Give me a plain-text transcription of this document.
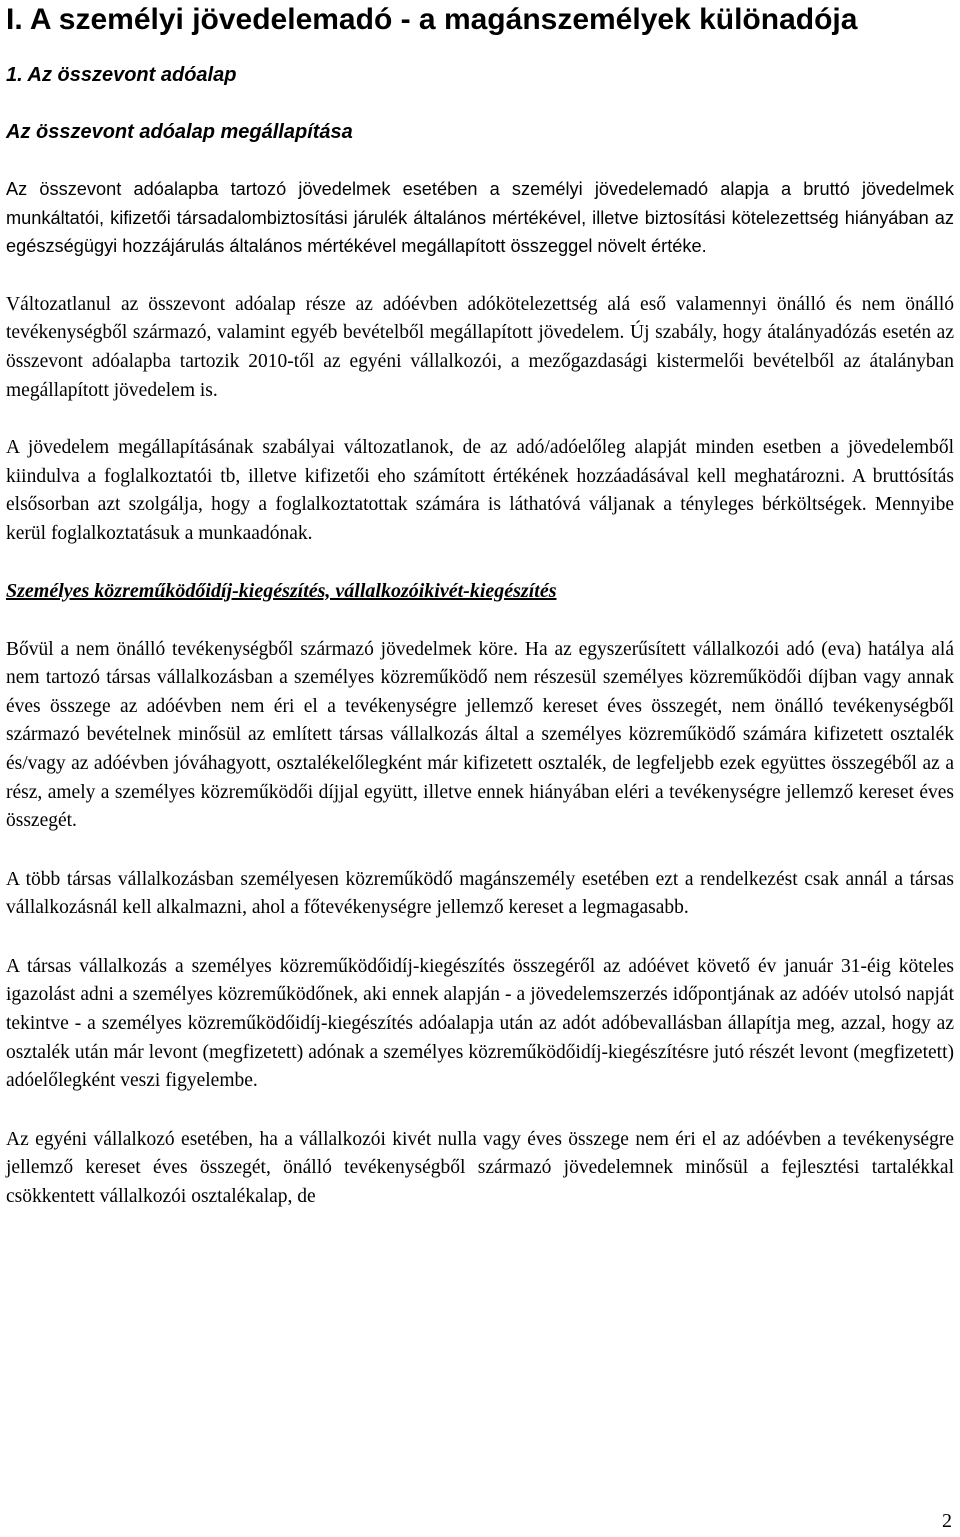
I. A személyi jövedelemadó - a magánszemélyek különadója
1. Az összevont adóalap
Az összevont adóalap megállapítása

Az összevont adóalapba tartozó jövedelmek esetében a személyi jövedelemadó alapja a bruttó jövedelmek munkáltatói, kifizetői társadalombiztosítási járulék általános mértékével, illetve biztosítási kötelezettség hiányában az egészségügyi hozzájárulás általános mértékével megállapított összeggel növelt értéke.

Változatlanul az összevont adóalap része az adóévben adókötelezettség alá eső valamennyi önálló és nem önálló tevékenységből származó, valamint egyéb bevételből megállapított jövedelem. Új szabály, hogy átalányadózás esetén az összevont adóalapba tartozik 2010-től az egyéni vállalkozói, a mezőgazdasági kistermelői bevételből az átalányban megállapított jövedelem is.

A jövedelem megállapításának szabályai változatlanok, de az adó/adóelőleg alapját minden esetben a jövedelemből kiindulva a foglalkoztatói tb, illetve kifizetői eho számított értékének hozzáadásával kell meghatározni. A bruttósítás elsősorban azt szolgálja, hogy a foglalkoztatottak számára is láthatóvá váljanak a tényleges bérköltségek. Mennyibe kerül foglalkoztatásuk a munkaadónak.

Személyes közreműködőidíj-kiegészítés, vállalkozóikivét-kiegészítés

Bővül a nem önálló tevékenységből származó jövedelmek köre. Ha az egyszerűsített vállalkozói adó (eva) hatálya alá nem tartozó társas vállalkozásban a személyes közreműködő nem részesül személyes közreműködői díjban vagy annak éves összege az adóévben nem éri el a tevékenységre jellemző kereset éves összegét, nem önálló tevékenységből származó bevételnek minősül az említett társas vállalkozás által a személyes közreműködő számára kifizetett osztalék és/vagy az adóévben jóváhagyott, osztalékelőlegként már kifizetett osztalék, de legfeljebb ezek együttes összegéből az a rész, amely a személyes közreműködői díjjal együtt, illetve ennek hiányában eléri a tevékenységre jellemző kereset éves összegét.

A több társas vállalkozásban személyesen közreműködő magánszemély esetében ezt a rendelkezést csak annál a társas vállalkozásnál kell alkalmazni, ahol a főtevékenységre jellemző kereset a legmagasabb.

A társas vállalkozás a személyes közreműködőidíj-kiegészítés összegéről az adóévet követő év január 31-éig köteles igazolást adni a személyes közreműködőnek, aki ennek alapján - a jövedelemszerzés időpontjának az adóév utolsó napját tekintve - a személyes közreműködőidíj-kiegészítés adóalapja után az adót adóbevallásban állapítja meg, azzal, hogy az osztalék után már levont (megfizetett) adónak a személyes közreműködőidíj-kiegészítésre jutó részét levont (megfizetett) adóelőlegként veszi figyelembe.

Az egyéni vállalkozó esetében, ha a vállalkozói kivét nulla vagy éves összege nem éri el az adóévben a tevékenységre jellemző kereset éves összegét, önálló tevékenységből származó jövedelemnek minősül a fejlesztési tartalékkal csökkentett vállalkozói osztalékalap, de

2
